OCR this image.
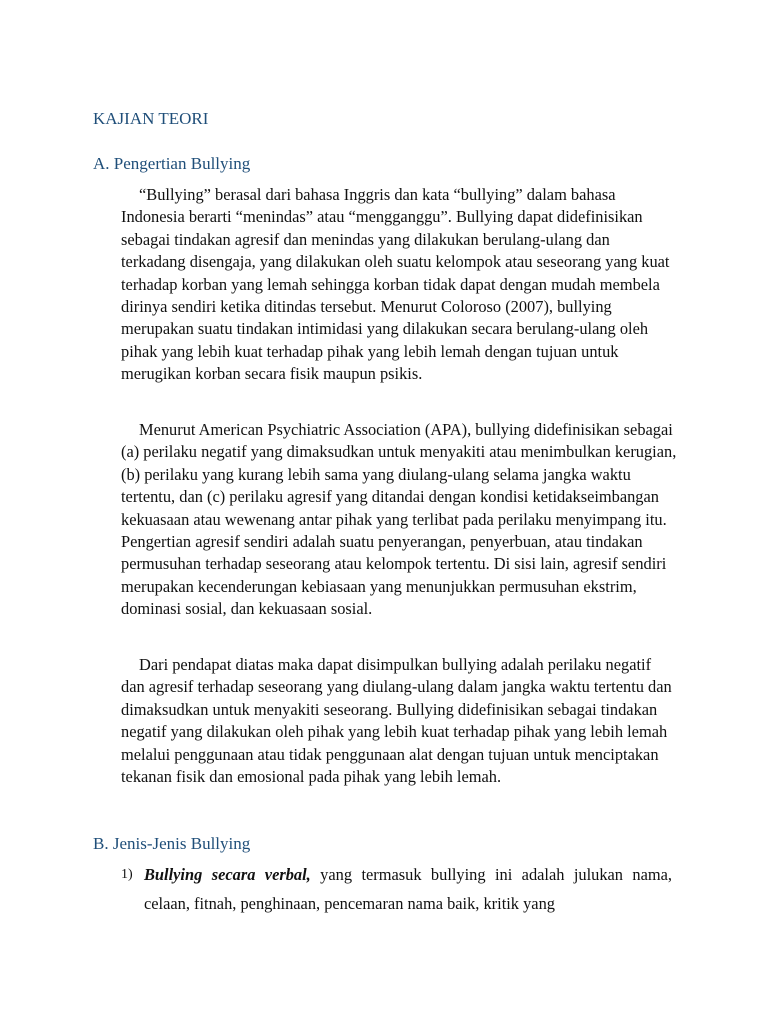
KAJIAN TEORI
A. Pengertian Bullying

“Bullying” berasal dari bahasa Inggris dan kata “bullying” dalam bahasa Indonesia berarti “menindas” atau “mengganggu”. Bullying dapat didefinisikan sebagai tindakan agresif dan menindas yang dilakukan berulang-ulang dan terkadang disengaja, yang dilakukan oleh suatu kelompok atau seseorang yang kuat terhadap korban yang lemah sehingga korban tidak dapat dengan mudah membela dirinya sendiri ketika ditindas tersebut. Menurut Coloroso (2007), bullying merupakan suatu tindakan intimidasi yang dilakukan secara berulang-ulang oleh pihak yang lebih kuat terhadap pihak yang lebih lemah dengan tujuan untuk merugikan korban secara fisik maupun psikis.

Menurut American Psychiatric Association (APA), bullying didefinisikan sebagai (a) perilaku negatif yang dimaksudkan untuk menyakiti atau menimbulkan kerugian, (b) perilaku yang kurang lebih sama yang diulang-ulang selama jangka waktu tertentu, dan (c) perilaku agresif yang ditandai dengan kondisi ketidakseimbangan kekuasaan atau wewenang antar pihak yang terlibat pada perilaku menyimpang itu. Pengertian agresif sendiri adalah suatu penyerangan, penyerbuan, atau tindakan permusuhan terhadap seseorang atau kelompok tertentu. Di sisi lain, agresif sendiri merupakan kecenderungan kebiasaan yang menunjukkan permusuhan ekstrim, dominasi sosial, dan kekuasaan sosial.

Dari pendapat diatas maka dapat disimpulkan bullying adalah perilaku negatif dan agresif terhadap seseorang yang diulang-ulang dalam jangka waktu tertentu dan dimaksudkan untuk menyakiti seseorang. Bullying didefinisikan sebagai tindakan negatif yang dilakukan oleh pihak yang lebih kuat terhadap pihak yang lebih lemah melalui penggunaan atau tidak penggunaan alat dengan tujuan untuk menciptakan tekanan fisik dan emosional pada pihak yang lebih lemah.

B. Jenis-Jenis Bullying
1) Bullying secara verbal, yang termasuk bullying ini adalah julukan nama, celaan, fitnah, penghinaan, pencemaran nama baik, kritik yang
